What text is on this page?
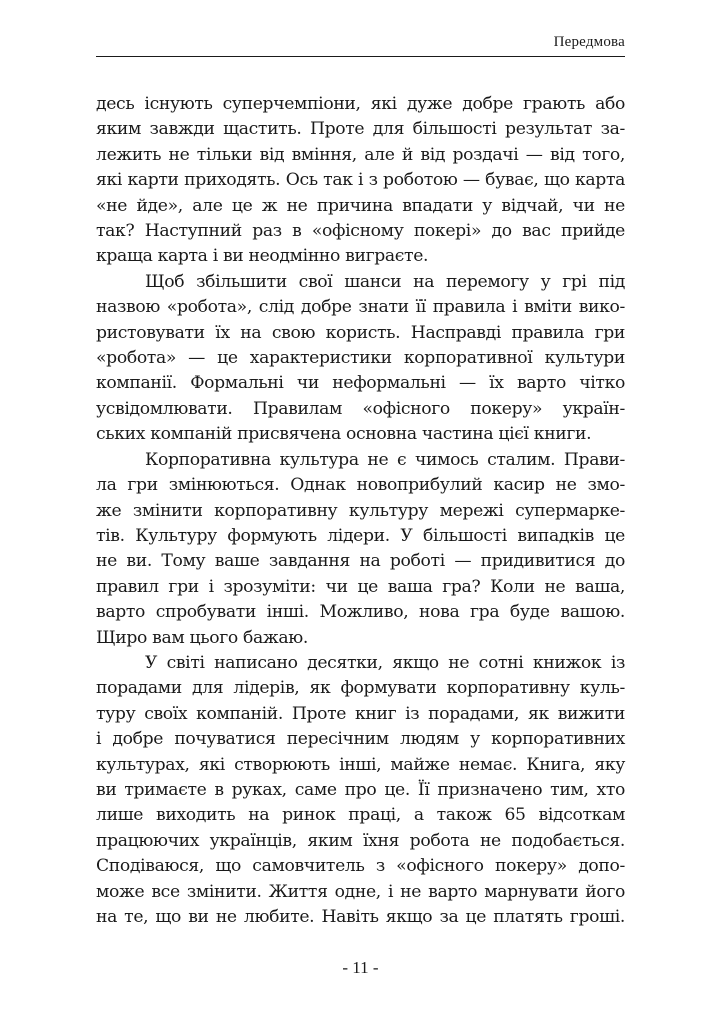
Передмова

десь існують суперчемпіони, які дуже добре грають або
яким завжди щастить. Проте для більшості результат за-
лежить не тільки від вміння, але й від роздачі — від того,
які карти приходять. Ось так і з роботою — буває, що карта
«не йде», але це ж не причина впадати у відчай, чи не
так? Наступний раз в «офісному покері» до вас прийде
краща карта і ви неодмінно виграєте.

Щоб збільшити свої шанси на перемогу у грі під
назвою «робота», слід добре знати її правила і вміти вико-
ристовувати їх на свою користь. Насправді правила гри
«робота» — це характеристики корпоративної культури
компанії. Формальні чи неформальні — їх варто чітко
усвідомлювати. Правилам «офісного покеру» україн-
ських компаній присвячена основна частина цієї книги.

Корпоративна культура не є чимось сталим. Прави-
ла гри змінюються. Однак новоприбулий касир не змо-
же змінити корпоративну культуру мережі супермарке-
тів. Культуру формують лідери. У більшості випадків це
не ви. Тому ваше завдання на роботі — придивитися до
правил гри і зрозуміти: чи це ваша гра? Коли не ваша,
варто спробувати інші. Можливо, нова гра буде вашою.
Щиро вам цього бажаю.

У світі написано десятки, якщо не сотні книжок із
порадами для лідерів, як формувати корпоративну куль-
туру своїх компаній. Проте книг із порадами, як вижити
і добре почуватися пересічним людям у корпоративних
культурах, які створюють інші, майже немає. Книга, яку
ви тримаєте в руках, саме про це. Її призначено тим, хто
лише виходить на ринок праці, а також 65 відсоткам
працюючих українців, яким їхня робота не подобається.
Сподіваюся, що самовчитель з «офісного покеру» допо-
може все змінити. Життя одне, і не варто марнувати його
на те, що ви не любите. Навіть якщо за це платять гроші.

- 11 -
